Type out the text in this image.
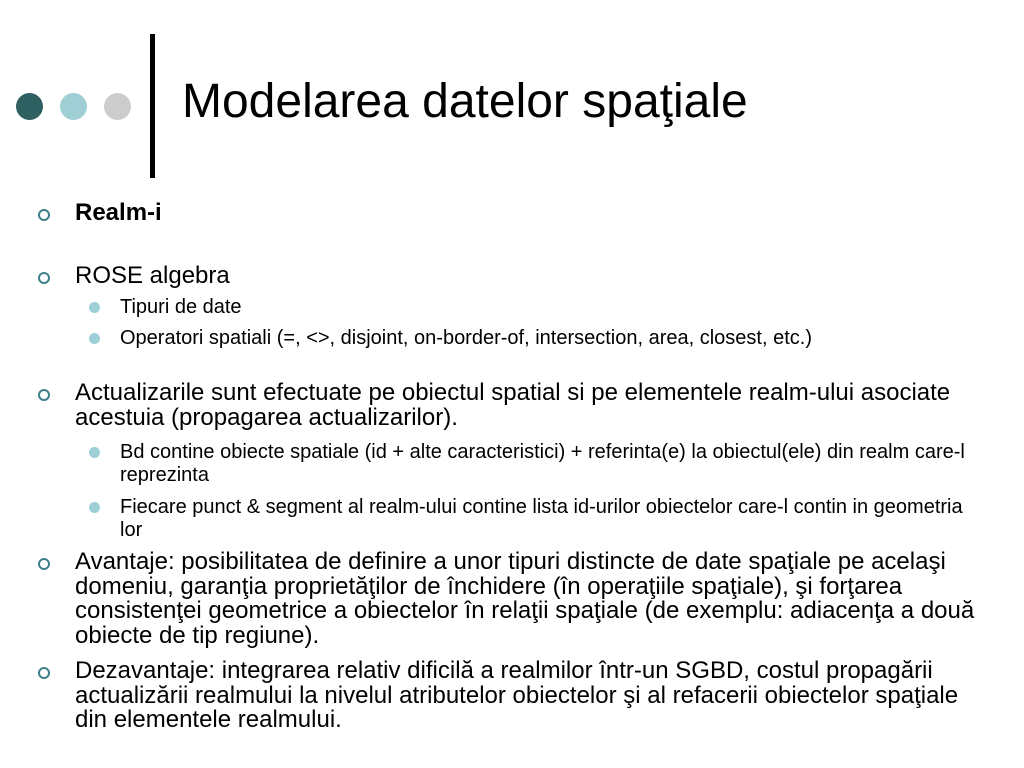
Modelarea datelor spaţiale

Realm-i

ROSE algebra

Tipuri de date

Operatori spatiali (=, <>, disjoint, on-border-of, intersection, area, closest, etc.)

Actualizarile sunt efectuate pe obiectul spatial si pe elementele realm-ului asociate acestuia (propagarea actualizarilor).

Bd contine obiecte spatiale (id + alte caracteristici) + referinta(e) la obiectul(ele) din realm care-l reprezinta

Fiecare punct & segment al realm-ului contine lista id-urilor obiectelor care-l contin in geometria lor

Avantaje: posibilitatea de definire a unor tipuri distincte de date spaţiale pe acelaşi domeniu, garanţia proprietăţilor de închidere (în operaţiile spaţiale), şi forţarea consistenţei geometrice a obiectelor în relaţii spaţiale (de exemplu: adiacenţa a două obiecte de tip regiune).

Dezavantaje: integrarea relativ dificilă a realmilor într-un SGBD, costul propagării actualizării realmului la nivelul atributelor obiectelor şi al refacerii obiectelor spaţiale din elementele realmului.
